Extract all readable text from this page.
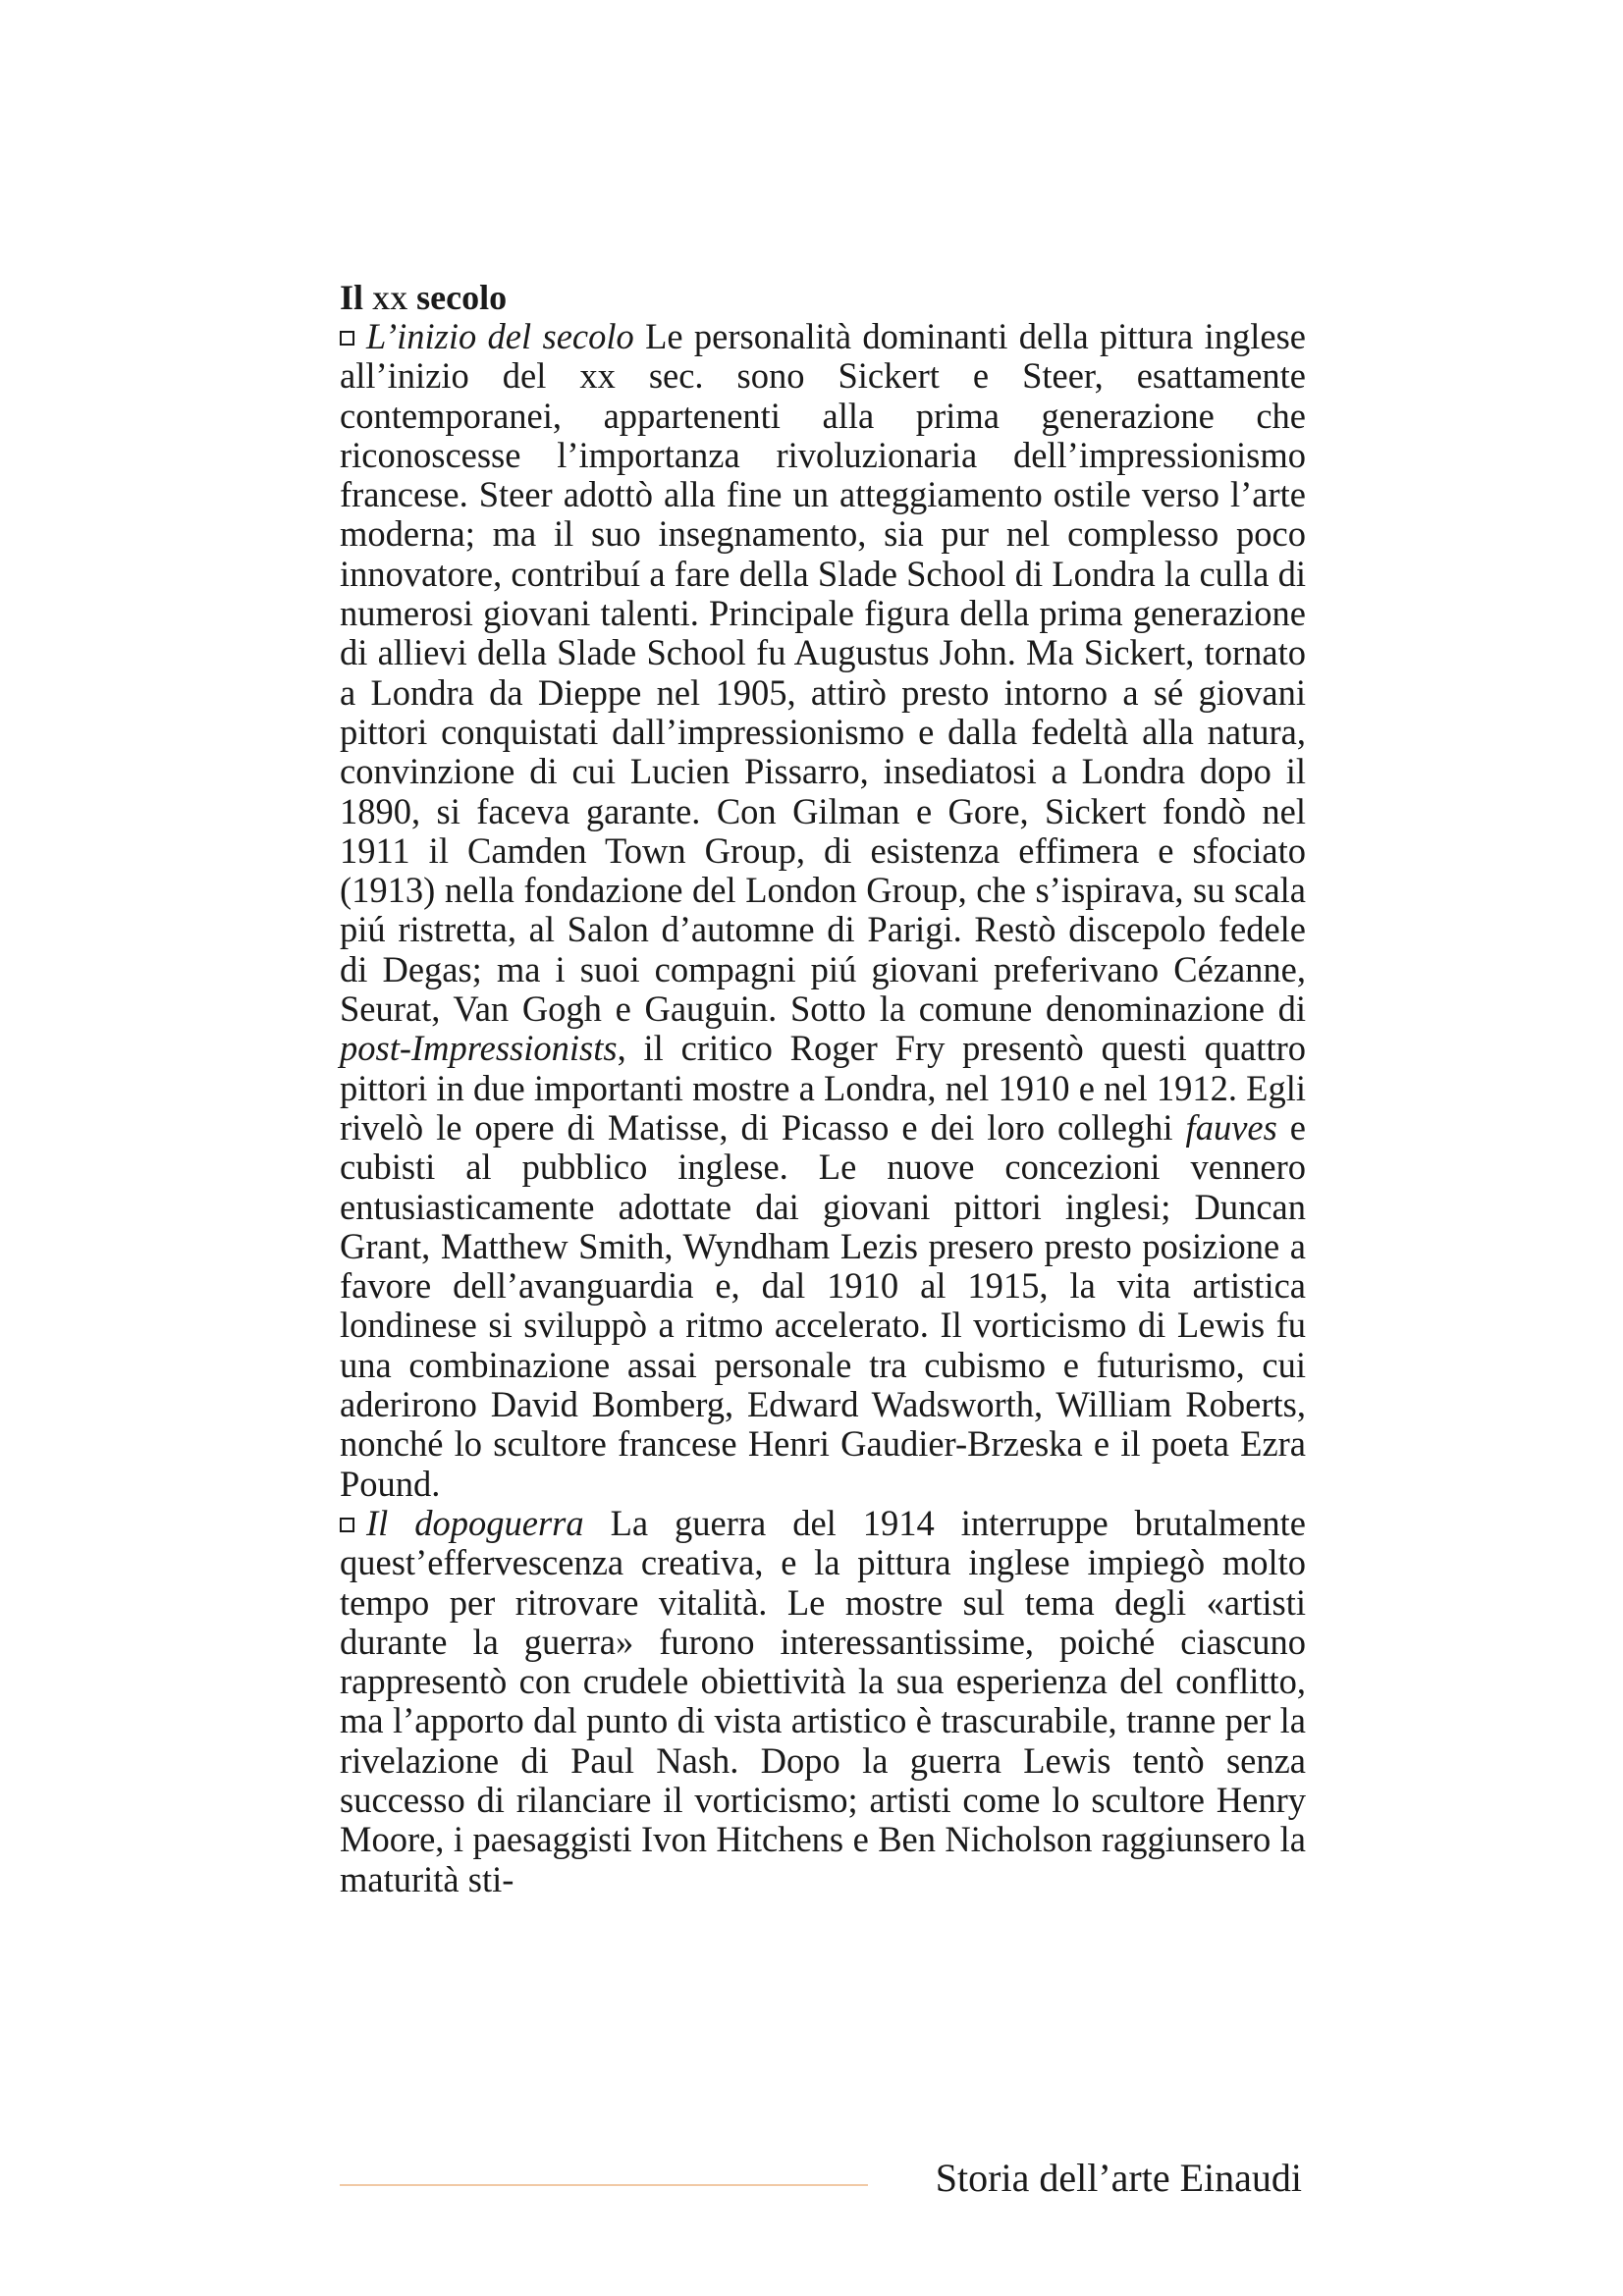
Il xx secolo

L’inizio del secolo Le personalità dominanti della pittura inglese all’inizio del xx sec. sono Sickert e Steer, esattamente contemporanei, appartenenti alla prima generazione che riconoscesse l’importanza rivoluzionaria dell’impressionismo francese. Steer adottò alla fine un atteggiamento ostile verso l’arte moderna; ma il suo insegnamento, sia pur nel complesso poco innovatore, contribuí a fare della Slade School di Londra la culla di numerosi giovani talenti. Principale figura della prima generazione di allievi della Slade School fu Augustus John. Ma Sickert, tornato a Londra da Dieppe nel 1905, attirò presto intorno a sé giovani pittori conquistati dall’impressionismo e dalla fedeltà alla natura, convinzione di cui Lucien Pissarro, insediatosi a Londra dopo il 1890, si faceva garante. Con Gilman e Gore, Sickert fondò nel 1911 il Camden Town Group, di esistenza effimera e sfociato (1913) nella fondazione del London Group, che s’ispirava, su scala piú ristretta, al Salon d’automne di Parigi. Restò discepolo fedele di Degas; ma i suoi compagni piú giovani preferivano Cézanne, Seurat, Van Gogh e Gauguin. Sotto la comune denominazione di post-Impressionists, il critico Roger Fry presentò questi quattro pittori in due importanti mostre a Londra, nel 1910 e nel 1912. Egli rivelò le opere di Matisse, di Picasso e dei loro colleghi fauves e cubisti al pubblico inglese. Le nuove concezioni vennero entusiasticamente adottate dai giovani pittori inglesi; Duncan Grant, Matthew Smith, Wyndham Lezis presero presto posizione a favore dell’avanguardia e, dal 1910 al 1915, la vita artistica londinese si sviluppò a ritmo accelerato. Il vorticismo di Lewis fu una combinazione assai personale tra cubismo e futurismo, cui aderirono David Bomberg, Edward Wadsworth, William Roberts, nonché lo scultore francese Henri Gaudier-Brzeska e il poeta Ezra Pound.

Il dopoguerra La guerra del 1914 interruppe brutalmente quest’effervescenza creativa, e la pittura inglese impiegò molto tempo per ritrovare vitalità. Le mostre sul tema degli «artisti durante la guerra» furono interessantissime, poiché ciascuno rappresentò con crudele obiettività la sua esperienza del conflitto, ma l’apporto dal punto di vista artistico è trascurabile, tranne per la rivelazione di Paul Nash. Dopo la guerra Lewis tentò senza successo di rilanciare il vorticismo; artisti come lo scultore Henry Moore, i paesaggisti Ivon Hitchens e Ben Nicholson raggiunsero la maturità sti-

Storia dell’arte Einaudi
